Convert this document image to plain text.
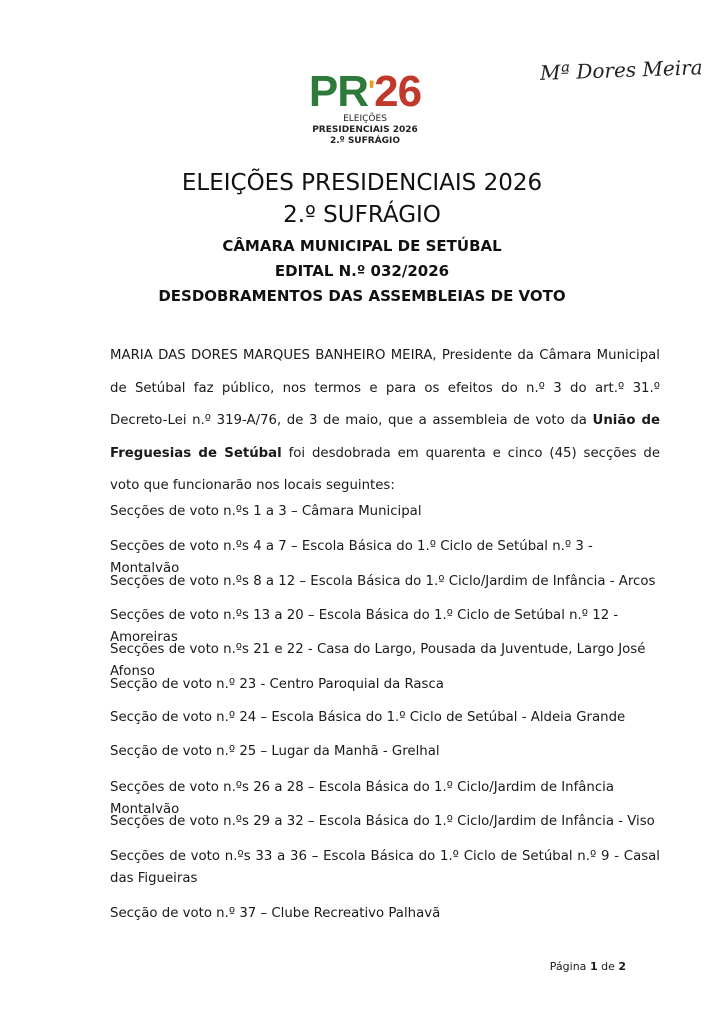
PR'26
ELEIÇÕES
PRESIDENCIAIS 2026
2.º SUFRÁGIO
Mª Dores Meira
ELEIÇÕES PRESIDENCIAIS 2026
2.º SUFRÁGIO
CÂMARA MUNICIPAL DE SETÚBAL
EDITAL N.º 032/2026
DESDOBRAMENTOS DAS ASSEMBLEIAS DE VOTO
MARIA DAS DORES MARQUES BANHEIRO MEIRA, Presidente da Câmara Municipal de Setúbal faz público, nos termos e para os efeitos do n.º 3 do art.º 31.º Decreto-Lei n.º 319-A/76, de 3 de maio, que a assembleia de voto da União de Freguesias de Setúbal foi desdobrada em quarenta e cinco (45) secções de voto que funcionarão nos locais seguintes:
Secções de voto n.ºs 1 a 3 – Câmara Municipal
Secções de voto n.ºs 4 a 7 – Escola Básica do 1.º Ciclo de Setúbal n.º 3 - Montalvão
Secções de voto n.ºs 8 a 12 – Escola Básica do 1.º Ciclo/Jardim de Infância - Arcos
Secções de voto n.ºs 13 a 20 – Escola Básica do 1.º Ciclo de Setúbal n.º 12 - Amoreiras
Secções de voto n.ºs 21 e 22 - Casa do Largo, Pousada da Juventude, Largo José Afonso
Secção de voto n.º 23 - Centro Paroquial da Rasca
Secção de voto n.º 24 – Escola Básica do 1.º Ciclo de Setúbal - Aldeia Grande
Secção de voto n.º 25 – Lugar da Manhã - Grelhal
Secções de voto n.ºs 26 a 28 – Escola Básica do 1.º Ciclo/Jardim de Infância Montalvão
Secções de voto n.ºs 29 a 32 – Escola Básica do 1.º Ciclo/Jardim de Infância - Viso
Secções de voto n.ºs 33 a 36 – Escola Básica do 1.º Ciclo de Setúbal n.º 9 - Casal das Figueiras
Secção de voto n.º 37 – Clube Recreativo Palhavã
Página 1 de 2
